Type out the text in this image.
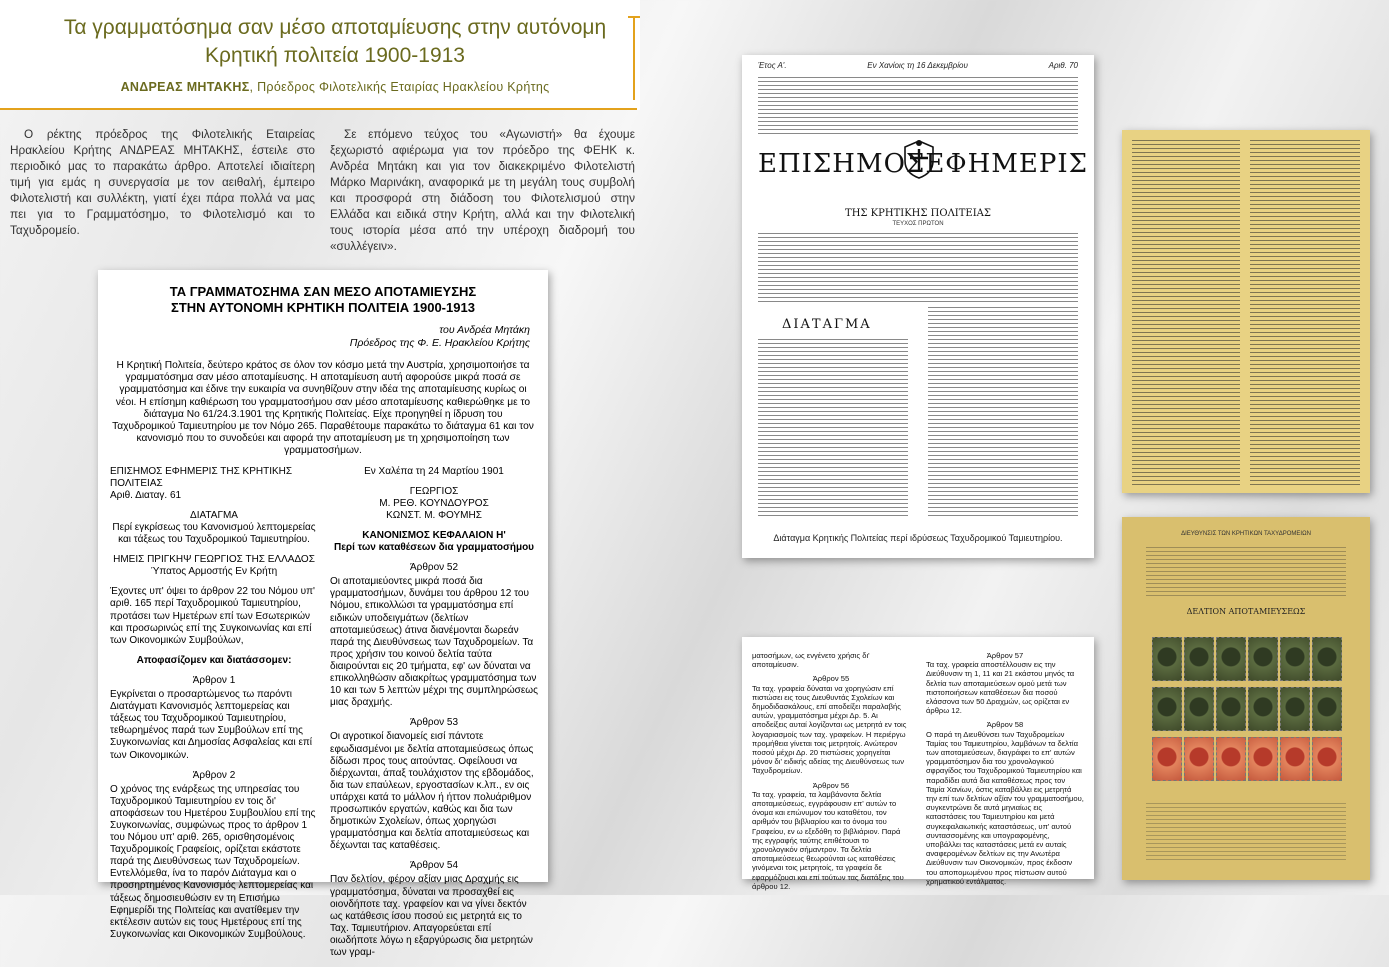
Τα γραμματόσημα σαν μέσο αποταμίευσης στην αυτόνομη
Κρητική πολιτεία 1900-1913
ΑΝΔΡΕΑΣ ΜΗΤΑΚΗΣ, Πρόεδρος Φιλοτελικής Εταιρίας Ηρακλείου Κρήτης

Ο ρέκτης πρόεδρος της Φιλοτελικής Εταιρείας Ηρακλείου Κρήτης ΑΝΔΡΕΑΣ ΜΗΤΑΚΗΣ, έστειλε στο περιοδικό μας το παρακάτω άρθρο. Αποτελεί ιδιαίτερη τιμή για εμάς η συνεργασία με τον αειθαλή, έμπειρο Φιλοτελιστή και συλλέκτη, γιατί έχει πάρα πολλά να μας πει για το Γραμματόσημο, το Φιλοτελισμό και το Ταχυδρομείο.

Σε επόμενο τεύχος του «Αγωνιστή» θα έχουμε ξεχωριστό αφιέρωμα για τον πρόεδρο της ΦΕΗΚ κ. Ανδρέα Μητάκη και για τον διακεκριμένο Φιλοτελιστή Μάρκο Μαρινάκη, αναφορικά με τη μεγάλη τους συμβολή και προσφορά στη διάδοση του Φιλοτελισμού στην Ελλάδα και ειδικά στην Κρήτη, αλλά και την Φιλοτελική τους ιστορία μέσα από την υπέροχη διαδρομή του «συλλέγειν».

ΤΑ ΓΡΑΜΜΑΤΟΣΗΜΑ ΣΑΝ ΜΕΣΟ ΑΠΟΤΑΜΙΕΥΣΗΣ
ΣΤΗΝ ΑΥΤΟΝΟΜΗ ΚΡΗΤΙΚΗ ΠΟΛΙΤΕΙΑ 1900-1913
του Ανδρέα Μητάκη
Πρόεδρος της Φ. Ε. Ηρακλείου Κρήτης
Η Κρητική Πολιτεία, δεύτερο κράτος σε όλον τον κόσμο μετά την Αυστρία, χρησιμοποιήσε τα γραμματόσημα σαν μέσο αποταμίευσης. Η αποταμίευση αυτή αφορούσε μικρά ποσά σε γραμματόσημα και έδινε την ευκαιρία να συνηθίζουν στην ιδέα της αποταμίευσης κυρίως οι νέοι. Η επίσημη καθιέρωση του γραμματοσήμου σαν μέσο αποταμίευσης καθιερώθηκε με το διάταγμα Νο 61/24.3.1901 της Κρητικής Πολιτείας. Είχε προηγηθεί η ίδρυση του Ταχυδρομικού Ταμιευτηρίου με τον Νόμο 265. Παραθέτουμε παρακάτω το διάταγμα 61 και τον κανονισμό που το συνοδεύει και αφορά την αποταμίευση με τη χρησιμοποίηση των γραμματοσήμων.
ΕΠΙΣΗΜΟΣ ΕΦΗΜΕΡΙΣ ΤΗΣ ΚΡΗΤΙΚΗΣ ΠΟΛΙΤΕΙΑΣ

Αριθ. Διαταγ. 61

ΔΙΑΤΑΓΜΑ
Περί εγκρίσεως του Κανονισμού λεπτομερείας

και τάξεως του Ταχυδρομικού Ταμιευτηρίου.

ΗΜΕΙΣ ΠΡΙΓΚΗΨ ΓΕΩΡΓΙΟΣ ΤΗΣ ΕΛΛΑΔΟΣ

Ύπατος Αρμοστής Εν Κρήτη

Έχοντες υπ' όψει το άρθρον 22 του Νόμου υπ' αριθ. 165 περί Ταχυδρομικού Ταμιευτηρίου, προτάσει των Ημετέρων επί των Εσωτερικών και προσωρινώς επί της Συγκοινωνίας και επί των Οικονομικών Συμβούλων,

Αποφασίζομεν και διατάσσομεν:

Άρθρον 1

Εγκρίνεται ο προσαρτώμενος τω παρόντι Διατάγματι Κανονισμός λεπτομερείας και τάξεως του Ταχυδρομικού Ταμιευτηρίου, τεθωρημένος παρά των Συμβούλων επί της Συγκοινωνίας και Δημοσίας Ασφαλείας και επί των Οικονομικών.

Άρθρον 2

Ο χρόνος της ενάρξεως της υπηρεσίας του Ταχυδρομικού Ταμιευτηρίου εν τοις δι' αποφάσεων του Ημετέρου Συμβουλίου επί της Συγκοινωνίας, συμφώνως προς το άρθρον 1 του Νόμου υπ' αριθ. 265, ορισθησομένοις Ταχυδρομικοίς Γραφείοις, ορίζεται εκάστοτε παρά της Διευθύνσεως των Ταχυδρομείων. Εντελλόμεθα, ίνα το παρόν Διάταγμα και ο προσηρτημένος Κανονισμός λεπτομερείας και τάξεως δημοσιευθώσιν εν τη Επισήμω Εφημερίδι της Πολιτείας και ανατίθεμεν την εκτέλεσιν αυτών εις τους Ημετέρους επί της Συγκοινωνίας και Οικονομικών Συμβούλους.

Εν Χαλέπα τη 24 Μαρτίου 1901

ΓΕΩΡΓΙΟΣ
Μ. ΡΕΘ. ΚΟΥΝΔΟΥΡΟΣ

ΚΩΝΣΤ. Μ. ΦΟΥΜΗΣ

ΚΑΝΟΝΙΣΜΟΣ ΚΕΦΑΛΑΙΟΝ Η'

Περί των καταθέσεων δια γραμματοσήμου

Άρθρον 52

Οι αποταμιεύοντες μικρά ποσά δια γραμματοσήμων, δυνάμει του άρθρου 12 του Νόμου, επικολλώσι τα γραμματόσημα επί ειδικών υποδειγμάτων (δελτίων αποταμιεύσεως) άτινα διανέμονται δωρεάν παρά της Διευθύνσεως των Ταχυδρομείων. Τα προς χρήσιν του κοινού δελτία ταύτα διαιρούνται εις 20 τμήματα, εφ' ων δύναται να επικολληθώσιν αδιακρίτως γραμματόσημα των 10 και των 5 λεπτών μέχρι της συμπληρώσεως μιας δραχμής.

Άρθρον 53

Οι αγροτικοί διανομείς εισί πάντοτε εφωδιασμένοι με δελτία αποταμιεύσεως όπως δίδωσι προς τους αιτούντας. Οφείλουσι να διέρχωνται, άπαξ τουλάχιστον της εβδομάδος, δια των επαύλεων, εργοστασίων κ.λπ., εν οις υπάρχει κατά το μάλλον ή ήττον πολυάριθμον προσωπικόν εργατών, καθώς και δια των δημοτικών Σχολείων, όπως χορηγώσι γραμματόσημα και δελτία αποταμιεύσεως και δέχωνται τας καταθέσεις.

Άρθρον 54

Παν δελτίον, φέρον αξίαν μιας Δραχμής εις γραμματόσημα, δύναται να προσαχθεί εις οιονδήποτε ταχ. γραφείον και να γίνει δεκτόν ως κατάθεσις ίσου ποσού εις μετρητά εις το Ταχ. Ταμιευτήριον. Απαγορεύεται επί οιωδήποτε λόγω η εξαργύρωσις δια μετρητών των γραμ-

Έτος Α'.	Εν Χανίοις τη 16 Δεκεμβρίου	Αριθ. 70
ΕΠΙΣΗΜΟΣ ΕΦΗΜΕΡΙΣ
ΤΗΣ ΚΡΗΤΙΚΗΣ ΠΟΛΙΤΕΙΑΣ
ΤΕΥΧΟΣ ΠΡΩΤΟΝ
ΔΙΑΤΑΓΜΑ
Διάταγμα Κρητικής Πολιτείας περί ιδρύσεως Ταχυδρομικού Ταμιευτηρίου.

ματοσήμων, ως ενγένετο χρήσις δι' αποταμίευσιν.

Άρθρον 55

Τα ταχ. γραφεία δύναται να χορηγώσιν επί πιστώσει εις τους Διευθυντάς Σχολείων και δημοδιδασκάλους, επί αποδείξει παραλαβής αυτών, γραμματόσημα μέχρι Δρ. 5. Αι αποδείξεις αυταί λογίζονται ως μετρητά εν τοις λογαριασμοίς των ταχ. γραφείων. Η περιέργω προμήθεια γίνεται τοις μετρητοίς. Ανώτερον ποσού μέχρι Δρ. 20 πιστώσεις χορηγείται μόνον δι' ειδικής αδείας της Διευθύνσεως των Ταχυδρομείων.

Άρθρον 56

Τα ταχ. γραφεία, τα λαμβάνοντα δελτία αποταμιεύσεως, εγγράφουσιν επ' αυτών το όνομα και επώνυμον του καταθέτου, τον αριθμόν του βιβλιαρίου και το όνομα του Γραφείου, εν ω εξεδόθη το βιβλιάριον. Παρά της εγγραφής ταύτης επιθέτουσι το χρονολογικόν σήμαντρον. Τα δελτία αποταμιεύσεως θεωρούνται ως καταθέσεις γινόμεναι τοις μετρητοίς, τα γραφεία δε εφαρμόζουσι και επί τούτων τας διατάξεις του άρθρου 12.

Άρθρον 57

Τα ταχ. γραφεία αποστέλλουσιν εις την Διεύθυνσιν τη 1, 11 και 21 εκάστου μηνός τα δελτία των αποταμιεύσεων ομού μετά των πιστοποιήσεων καταθέσεων δια ποσού ελάσσονα των 50 Δραχμών, ως ορίζεται εν άρθρω 12.

Άρθρον 58

Ο παρά τη Διευθύνσει των Ταχυδρομείων Ταμίας του Ταμιευτηρίου, λαμβάνων τα δελτία των αποταμιεύσεων, διαγράφει το επ' αυτών γραμματόσημον δια του χρονολογικού σφραγίδος του Ταχυδρομικού Ταμιευτηρίου και παραδίδει αυτά δια καταθέσεως προς τον Ταμία Χανίων, όστις καταβάλλει εις μετρητά την επί των δελτίων αξίαν του γραμματοσήμου, συγκεντρώνει δε αυτά μηνιαίως εις καταστάσεις του Ταμιευτηρίου και μετά συγκεφαλαιωτικής καταστάσεως, υπ' αυτού συντασσομένης και υπογραφομένης, υποβάλλει τας καταστάσεις μετά εν αυταίς αναφερομένων δελτίων εις την Ανωτέρα Διεύθυνσιν των Οικονομικών, προς έκδοσιν του αποπομωμένου προς πίστωσιν αυτού χρηματικού εντάλματος.

ΔΙΕΥΘΥΝΣΙΣ ΤΩΝ ΚΡΗΤΙΚΩΝ ΤΑΧΥΔΡΟΜΕΙΩΝ
ΔΕΛΤΙΟΝ ΑΠΟΤΑΜΙΕΥΣΕΩΣ
